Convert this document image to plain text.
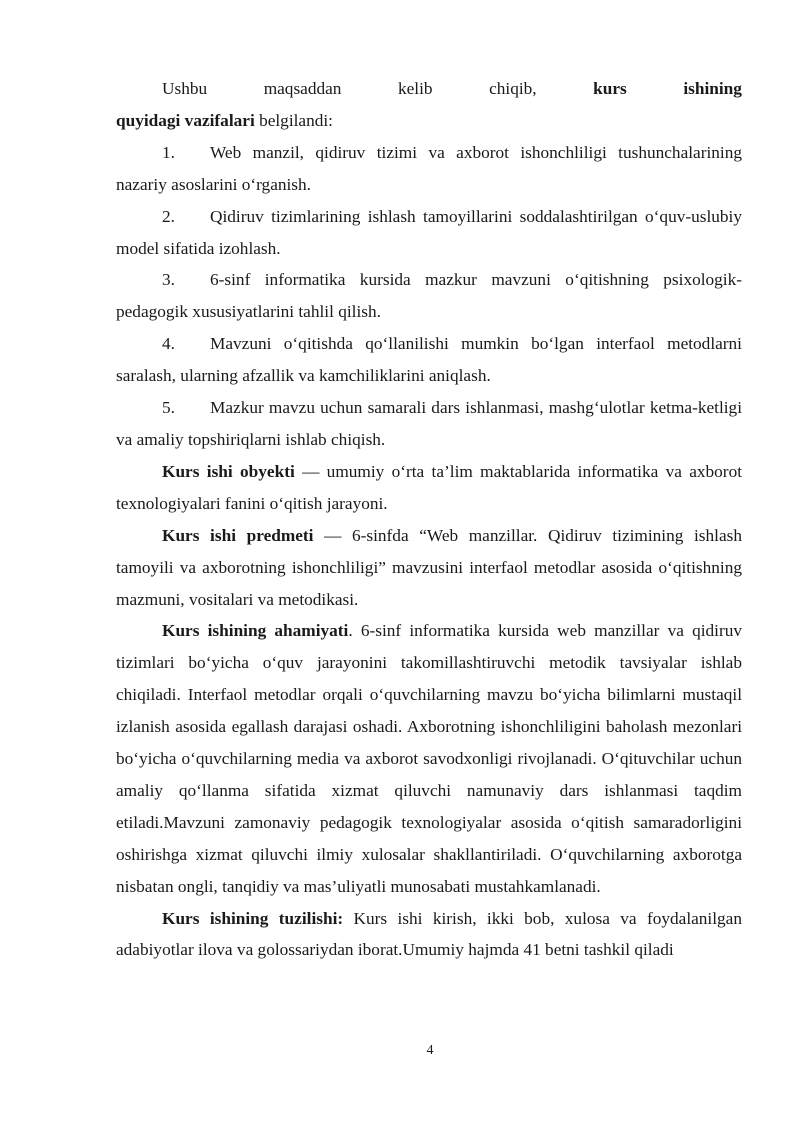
Ushbu	maqsaddan	kelib	chiqib,	kurs	ishining

quyidagi vazifalari belgilandi:

1. Web manzil, qidiruv tizimi va axborot ishonchliligi tushunchalarining nazariy asoslarini o‘rganish.

2. Qidiruv tizimlarining ishlash tamoyillarini soddalashtirilgan o‘quv-uslubiy model sifatida izohlash.

3. 6-sinf informatika kursida mazkur mavzuni o‘qitishning psixologik-pedagogik xususiyatlarini tahlil qilish.

4. Mavzuni o‘qitishda qo‘llanilishi mumkin bo‘lgan interfaol metodlarni saralash, ularning afzallik va kamchiliklarini aniqlash.

5. Mazkur mavzu uchun samarali dars ishlanmasi, mashg‘ulotlar ketma-ketligi va amaliy topshiriqlarni ishlab chiqish.

Kurs ishi obyekti — umumiy o‘rta ta’lim maktablarida informatika va axborot texnologiyalari fanini o‘qitish jarayoni.

Kurs ishi predmeti — 6-sinfda “Web manzillar. Qidiruv tizimining ishlash tamoyili va axborotning ishonchliligi” mavzusini interfaol metodlar asosida o‘qitishning mazmuni, vositalari va metodikasi.

Kurs ishining ahamiyati. 6-sinf informatika kursida web manzillar va qidiruv tizimlari bo‘yicha o‘quv jarayonini takomillashtiruvchi metodik tavsiyalar ishlab chiqiladi. Interfaol metodlar orqali o‘quvchilarning mavzu bo‘yicha bilimlarni mustaqil izlanish asosida egallash darajasi oshadi. Axborotning ishonchliligini baholash mezonlari bo‘yicha o‘quvchilarning media va axborot savodxonligi rivojlanadi. O‘qituvchilar uchun amaliy qo‘llanma sifatida xizmat qiluvchi namunaviy dars ishlanmasi taqdim etiladi.Mavzuni zamonaviy pedagogik texnologiyalar asosida o‘qitish samaradorligini oshirishga xizmat qiluvchi ilmiy xulosalar shakllantiriladi. O‘quvchilarning axborotga nisbatan ongli, tanqidiy va mas’uliyatli munosabati mustahkamlanadi.

Kurs ishining tuzilishi: Kurs ishi kirish, ikki bob, xulosa va foydalanilgan adabiyotlar ilova va golossariydan iborat.Umumiy hajmda 41 betni tashkil qiladi

4
